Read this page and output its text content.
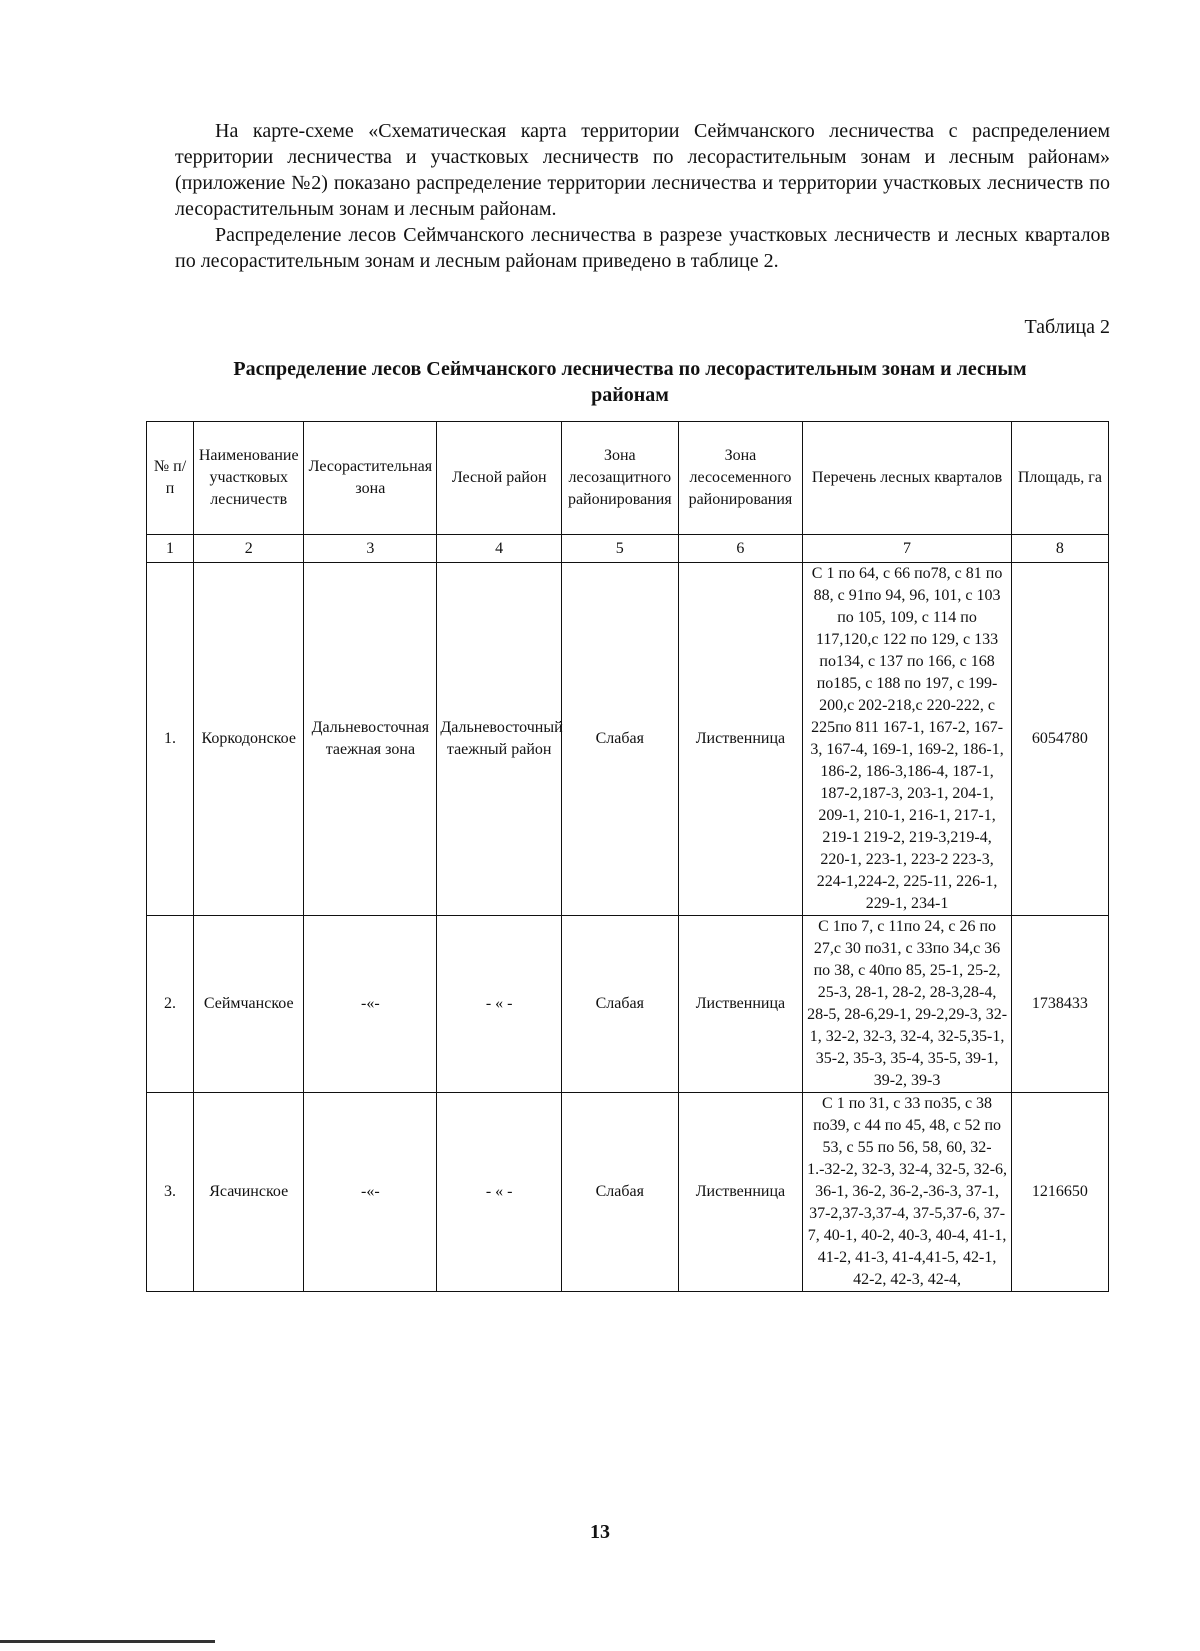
На карте-схеме «Схематическая карта территории Сеймчанского лесничества с распределением территории лесничества и участковых лесничеств по лесорастительным зонам и лесным районам» (приложение №2) показано распределение территории лесничества и территории участковых лесничеств по лесорастительным зонам и лесным районам.

Распределение лесов Сеймчанского лесничества в разрезе участковых лесничеств и лесных кварталов по лесорастительным зонам и лесным районам приведено в таблице 2.

Таблица 2
Распределение лесов Сеймчанского лесничества по лесорастительным зонам и лесным
районам
№ п/п	Наименование участковых лесничеств	Лесорастительная зона	Лесной район	Зона лесозащитного районирования	Зона лесосеменного районирования	Перечень лесных кварталов	Площадь, га
1	2	3	4	5	6	7	8
1.	Коркодонское	Дальневосточная таежная зона	Дальневосточный таежный район	Слабая	Лиственница	С 1 по 64, с 66 по78, с 81 по 88, с 91по 94, 96, 101, с 103 по 105, 109, с 114 по 117,120,с 122 по 129, с 133 по134, с 137 по 166, с 168 по185, с 188 по 197, с 199-200,с 202-218,с 220-222, с 225по 811 167-1, 167-2, 167-3, 167-4, 169-1, 169-2, 186-1, 186-2, 186-3,186-4, 187-1, 187-2,187-3, 203-1, 204-1, 209-1, 210-1, 216-1, 217-1, 219-1 219-2, 219-3,219-4, 220-1, 223-1, 223-2 223-3, 224-1,224-2, 225-11, 226-1, 229-1, 234-1	6054780
2.	Сеймчанское	-«-	- « -	Слабая	Лиственница	С 1по 7, с 11по 24, с 26 по 27,с 30 по31, с 33по 34,с 36 по 38, с 40по 85, 25-1, 25-2, 25-3, 28-1, 28-2, 28-3,28-4, 28-5, 28-6,29-1, 29-2,29-3, 32-1, 32-2, 32-3, 32-4, 32-5,35-1, 35-2, 35-3, 35-4, 35-5, 39-1, 39-2, 39-3	1738433
3.	Ясачинское	-«-	- « -	Слабая	Лиственница	С 1 по 31, с 33 по35, с 38 по39, с 44 по 45, 48, с 52 по 53, с 55 по 56, 58, 60, 32-1.-32-2, 32-3, 32-4, 32-5, 32-6, 36-1, 36-2, 36-2,-36-3, 37-1, 37-2,37-3,37-4, 37-5,37-6, 37-7, 40-1, 40-2, 40-3, 40-4, 41-1, 41-2, 41-3, 41-4,41-5, 42-1, 42-2, 42-3, 42-4,	1216650
13
